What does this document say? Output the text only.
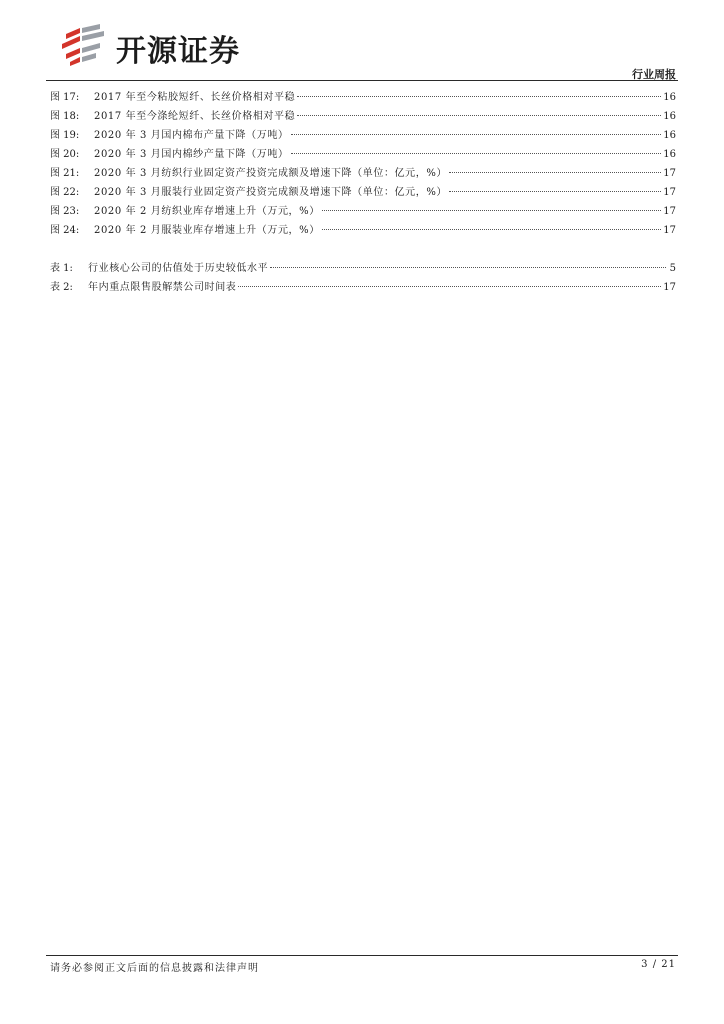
开源证券
行业周报
图 17:	2017 年至今粘胶短纤、长丝价格相对平稳	16
图 18:	2017 年至今涤纶短纤、长丝价格相对平稳	16
图 19:	2020 年 3 月国内棉布产量下降（万吨）	16
图 20:	2020 年 3 月国内棉纱产量下降（万吨）	16
图 21:	2020 年 3 月纺织行业固定资产投资完成额及增速下降（单位：亿元，%）	17
图 22:	2020 年 3 月服装行业固定资产投资完成额及增速下降（单位：亿元，%）	17
图 23:	2020 年 2 月纺织业库存增速上升（万元，%）	17
图 24:	2020 年 2 月服装业库存增速上升（万元，%）	17
表 1:	行业核心公司的估值处于历史较低水平	5
表 2:	年内重点限售股解禁公司时间表	17
请务必参阅正文后面的信息披露和法律声明	3 / 21
